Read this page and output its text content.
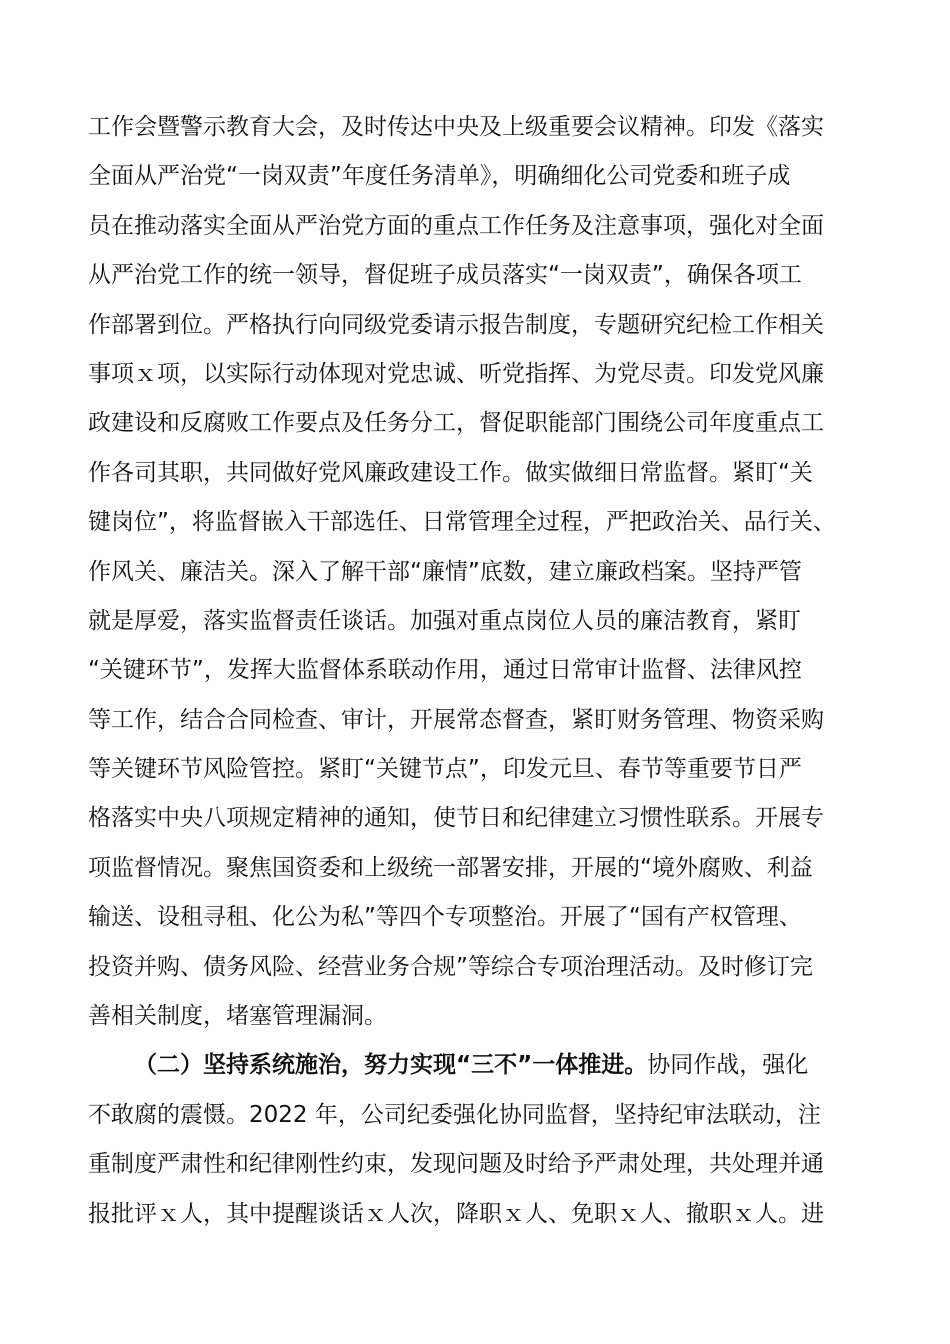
工作会暨警示教育大会，及时传达中央及上级重要会议精神。印发《落实
全面从严治党“一岗双责”年度任务清单》，明确细化公司党委和班子成
员在推动落实全面从严治党方面的重点工作任务及注意事项，强化对全面
从严治党工作的统一领导，督促班子成员落实“一岗双责”，确保各项工
作部署到位。严格执行向同级党委请示报告制度，专题研究纪检工作相关
事项ｘ项，以实际行动体现对党忠诚、听党指挥、为党尽责。印发党风廉
政建设和反腐败工作要点及任务分工，督促职能部门围绕公司年度重点工
作各司其职，共同做好党风廉政建设工作。做实做细日常监督。紧盯“关
键岗位”，将监督嵌入干部选任、日常管理全过程，严把政治关、品行关、
作风关、廉洁关。深入了解干部“廉情”底数，建立廉政档案。坚持严管
就是厚爱，落实监督责任谈话。加强对重点岗位人员的廉洁教育，紧盯
“关键环节”，发挥大监督体系联动作用，通过日常审计监督、法律风控
等工作，结合合同检查、审计，开展常态督查，紧盯财务管理、物资采购
等关键环节风险管控。紧盯“关键节点”，印发元旦、春节等重要节日严
格落实中央八项规定精神的通知，使节日和纪律建立习惯性联系。开展专
项监督情况。聚焦国资委和上级统一部署安排，开展的“境外腐败、利益
输送、设租寻租、化公为私”等四个专项整治。开展了“国有产权管理、
投资并购、债务风险、经营业务合规”等综合专项治理活动。及时修订完
善相关制度，堵塞管理漏洞。
（二）坚持系统施治，努力实现“三不”一体推进。协同作战，强化
不敢腐的震慑。2022 年，公司纪委强化协同监督，坚持纪审法联动，注
重制度严肃性和纪律刚性约束，发现问题及时给予严肃处理，共处理并通
报批评ｘ人，其中提醒谈话ｘ人次，降职ｘ人、免职ｘ人、撤职ｘ人。进
